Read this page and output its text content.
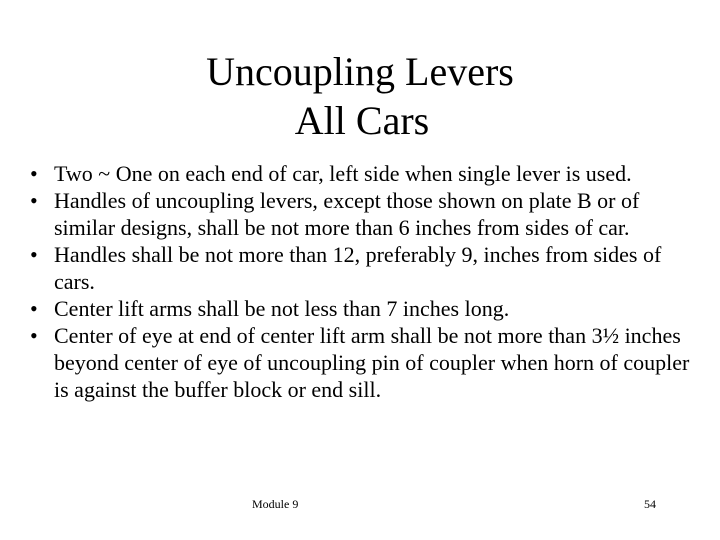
Uncoupling Levers
All Cars
• Two ~ One on each end of car, left side when single lever is used.
• Handles of uncoupling levers, except those shown on plate B or of similar designs, shall be not more than 6 inches from sides of car.
• Handles shall be not more than 12, preferably 9, inches from sides of cars.
• Center lift arms shall be not less than 7 inches long.
• Center of eye at end of center lift arm shall be not more than 3½ inches beyond center of eye of uncoupling pin of coupler when horn of coupler is against the buffer block or end sill.
Module 9	54
